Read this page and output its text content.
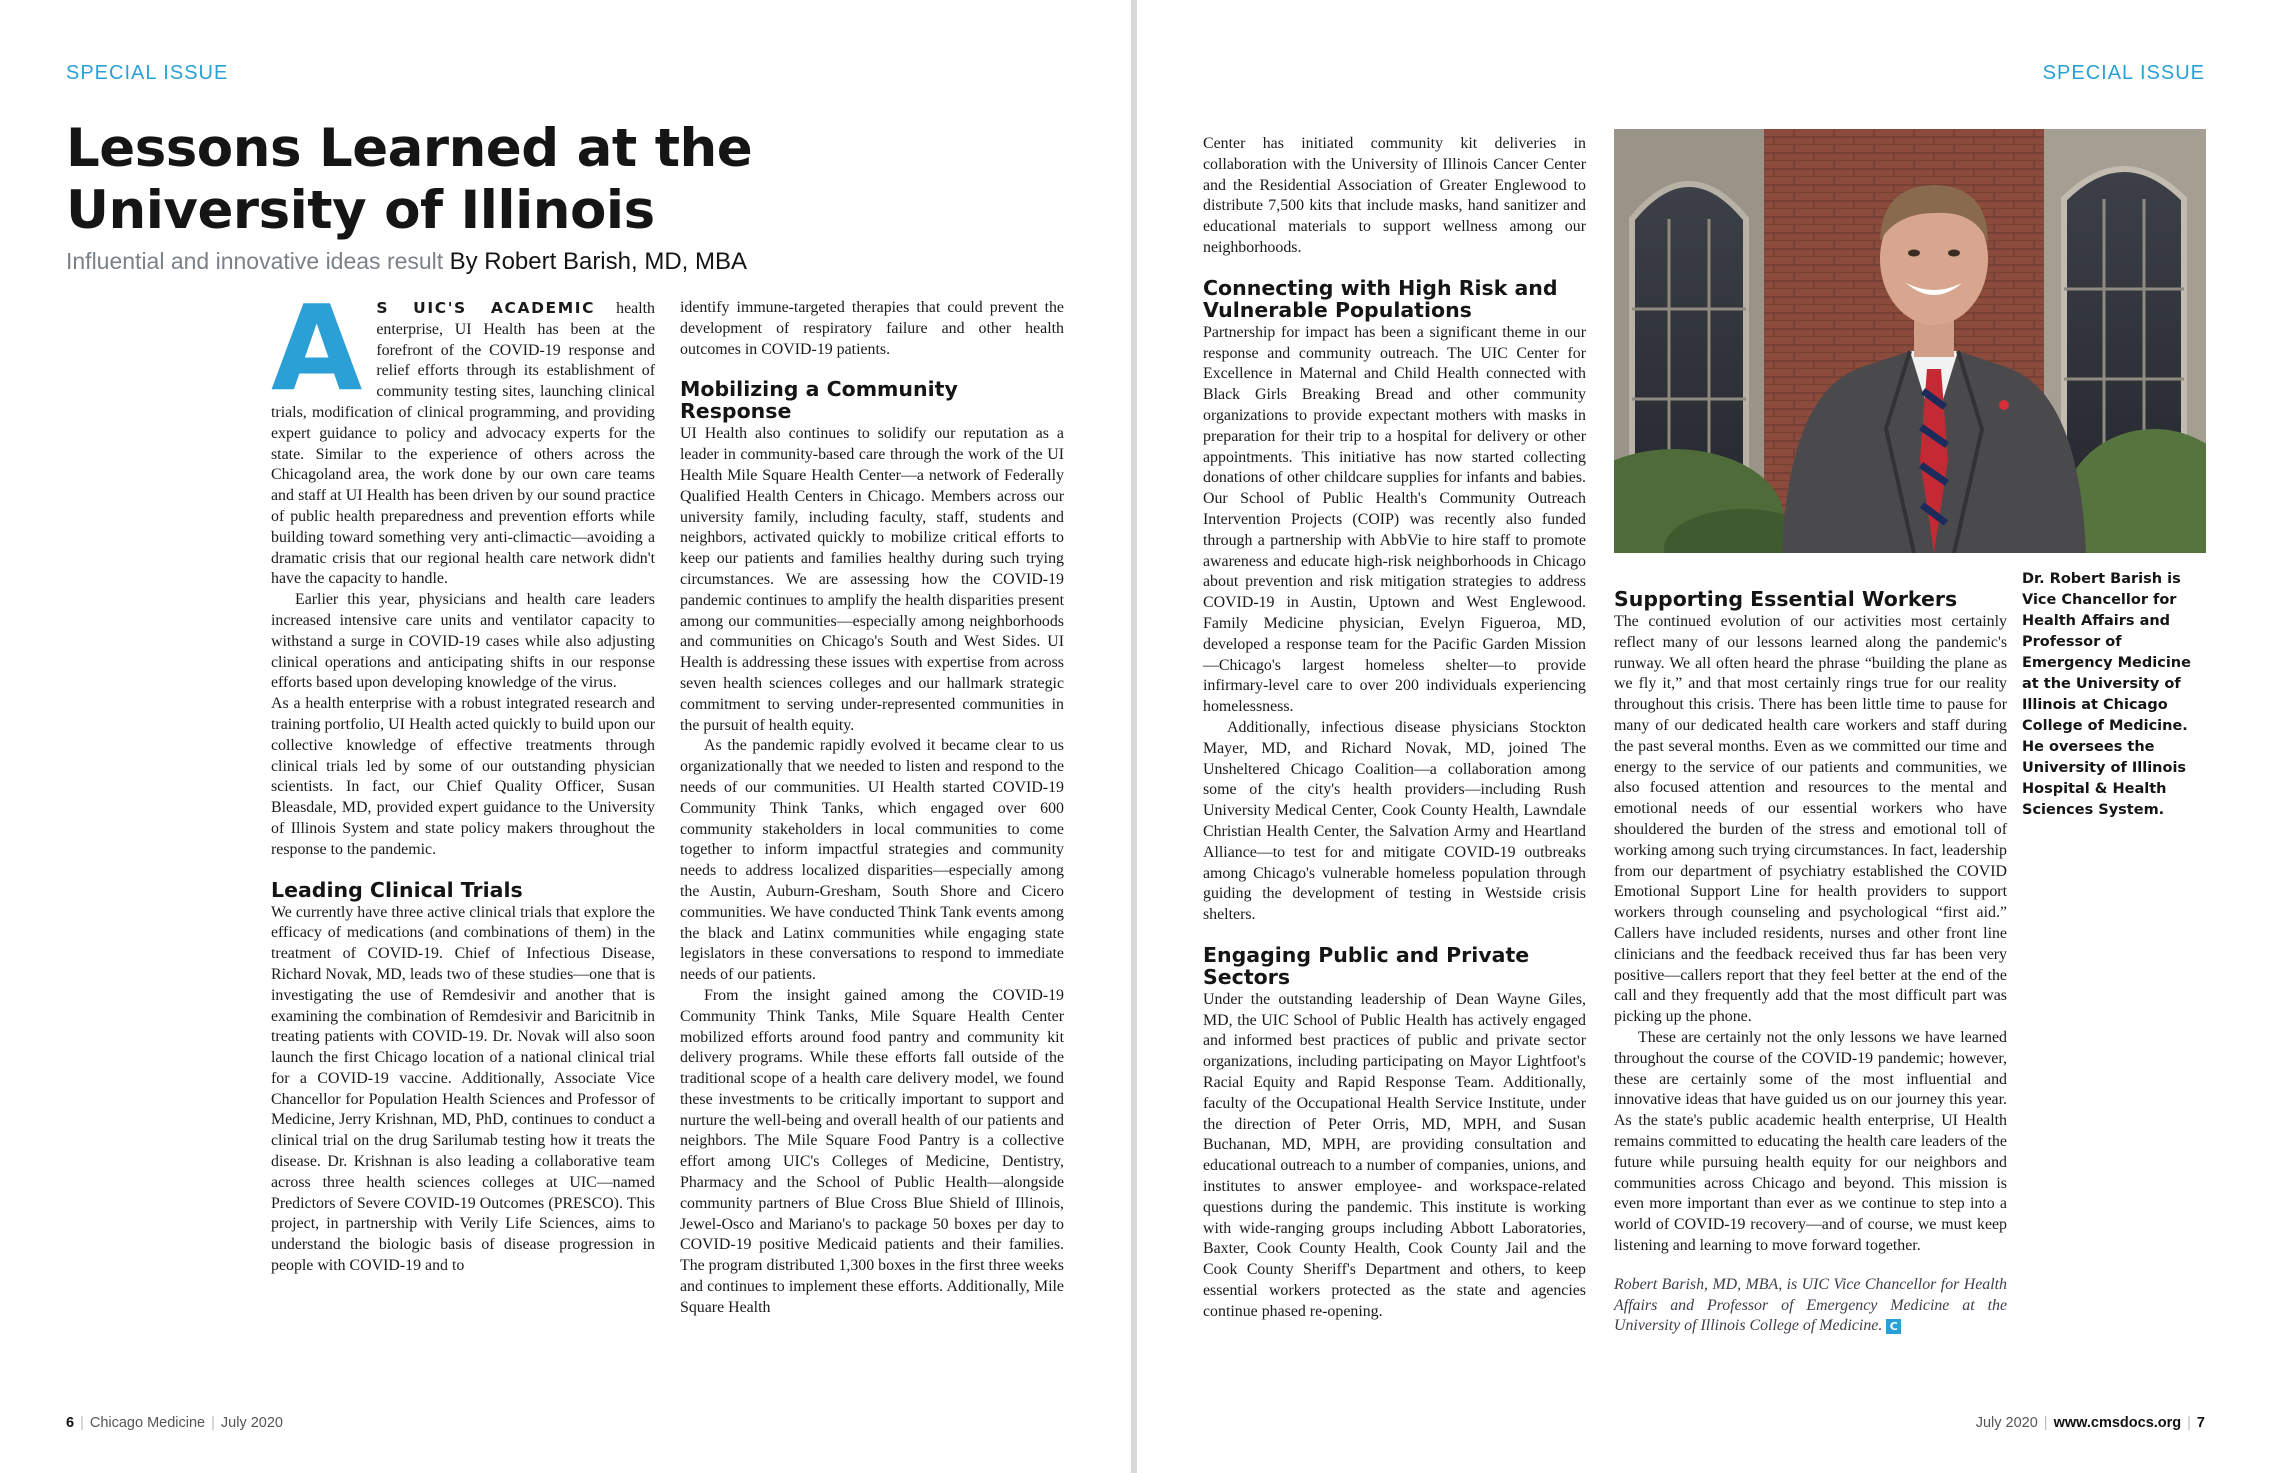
SPECIAL ISSUE
Lessons Learned at the University of Illinois
Influential and innovative ideas result By Robert Barish, MD, MBA
A S UIC'S ACADEMIC health enterprise, UI Health has been at the forefront of the COVID-19 response and relief efforts through its establishment of community testing sites, launching clinical trials, modification of clinical programming, and providing expert guidance to policy and advocacy experts for the state. Similar to the experience of others across the Chicagoland area, the work done by our own care teams and staff at UI Health has been driven by our sound practice of public health preparedness and prevention efforts while building toward something very anti-climactic—avoiding a dramatic crisis that our regional health care network didn't have the capacity to handle.

Earlier this year, physicians and health care leaders increased intensive care units and ventilator capacity to withstand a surge in COVID-19 cases while also adjusting clinical operations and anticipating shifts in our response efforts based upon developing knowledge of the virus.

As a health enterprise with a robust integrated research and training portfolio, UI Health acted quickly to build upon our collective knowledge of effective treatments through clinical trials led by some of our outstanding physician scientists. In fact, our Chief Quality Officer, Susan Bleasdale, MD, provided expert guidance to the University of Illinois System and state policy makers throughout the response to the pandemic.

Leading Clinical Trials

We currently have three active clinical trials that explore the efficacy of medications (and combinations of them) in the treatment of COVID-19. Chief of Infectious Disease, Richard Novak, MD, leads two of these studies—one that is investigating the use of Remdesivir and another that is examining the combination of Remdesivir and Baricitnib in treating patients with COVID-19. Dr. Novak will also soon launch the first Chicago location of a national clinical trial for a COVID-19 vaccine. Additionally, Associate Vice Chancellor for Population Health Sciences and Professor of Medicine, Jerry Krishnan, MD, PhD, continues to conduct a clinical trial on the drug Sarilumab testing how it treats the disease. Dr. Krishnan is also leading a collaborative team across three health sciences colleges at UIC—named Predictors of Severe COVID-19 Outcomes (PRESCO). This project, in partnership with Verily Life Sciences, aims to understand the biologic basis of disease progression in people with COVID-19 and to

identify immune-targeted therapies that could prevent the development of respiratory failure and other health outcomes in COVID-19 patients.

Mobilizing a Community Response

UI Health also continues to solidify our reputation as a leader in community-based care through the work of the UI Health Mile Square Health Center—a network of Federally Qualified Health Centers in Chicago. Members across our university family, including faculty, staff, students and neighbors, activated quickly to mobilize critical efforts to keep our patients and families healthy during such trying circumstances. We are assessing how the COVID-19 pandemic continues to amplify the health disparities present among our communities—especially among neighborhoods and communities on Chicago's South and West Sides. UI Health is addressing these issues with expertise from across seven health sciences colleges and our hallmark strategic commitment to serving under-represented communities in the pursuit of health equity.

As the pandemic rapidly evolved it became clear to us organizationally that we needed to listen and respond to the needs of our communities. UI Health started COVID-19 Community Think Tanks, which engaged over 600 community stakeholders in local communities to come together to inform impactful strategies and community needs to address localized disparities—especially among the Austin, Auburn-Gresham, South Shore and Cicero communities. We have conducted Think Tank events among the black and Latinx communities while engaging state legislators in these conversations to respond to immediate needs of our patients.

From the insight gained among the COVID-19 Community Think Tanks, Mile Square Health Center mobilized efforts around food pantry and community kit delivery programs. While these efforts fall outside of the traditional scope of a health care delivery model, we found these investments to be critically important to support and nurture the well-being and overall health of our patients and neighbors. The Mile Square Food Pantry is a collective effort among UIC's Colleges of Medicine, Dentistry, Pharmacy and the School of Public Health—alongside community partners of Blue Cross Blue Shield of Illinois, Jewel-Osco and Mariano's to package 50 boxes per day to COVID-19 positive Medicaid patients and their families. The program distributed 1,300 boxes in the first three weeks and continues to implement these efforts. Additionally, Mile Square Health

6 | Chicago Medicine | July 2020
SPECIAL ISSUE

Center has initiated community kit deliveries in collaboration with the University of Illinois Cancer Center and the Residential Association of Greater Englewood to distribute 7,500 kits that include masks, hand sanitizer and educational materials to support wellness among our neighborhoods.

Connecting with High Risk and Vulnerable Populations

Partnership for impact has been a significant theme in our response and community outreach. The UIC Center for Excellence in Maternal and Child Health connected with Black Girls Breaking Bread and other community organizations to provide expectant mothers with masks in preparation for their trip to a hospital for delivery or other appointments. This initiative has now started collecting donations of other childcare supplies for infants and babies. Our School of Public Health's Community Outreach Intervention Projects (COIP) was recently also funded through a partnership with AbbVie to hire staff to promote awareness and educate high-risk neighborhoods in Chicago about prevention and risk mitigation strategies to address COVID-19 in Austin, Uptown and West Englewood. Family Medicine physician, Evelyn Figueroa, MD, developed a response team for the Pacific Garden Mission—Chicago's largest homeless shelter—to provide infirmary-level care to over 200 individuals experiencing homelessness.

Additionally, infectious disease physicians Stockton Mayer, MD, and Richard Novak, MD, joined The Unsheltered Chicago Coalition—a collaboration among some of the city's health providers—including Rush University Medical Center, Cook County Health, Lawndale Christian Health Center, the Salvation Army and Heartland Alliance—to test for and mitigate COVID-19 outbreaks among Chicago's vulnerable homeless population through guiding the development of testing in Westside crisis shelters.

Engaging Public and Private Sectors

Under the outstanding leadership of Dean Wayne Giles, MD, the UIC School of Public Health has actively engaged and informed best practices of public and private sector organizations, including participating on Mayor Lightfoot's Racial Equity and Rapid Response Team. Additionally, faculty of the Occupational Health Service Institute, under the direction of Peter Orris, MD, MPH, and Susan Buchanan, MD, MPH, are providing consultation and educational outreach to a number of companies, unions, and institutes to answer employee- and workspace-related questions during the pandemic. This institute is working with wide-ranging groups including Abbott Laboratories, Baxter, Cook County Health, Cook County Jail and the Cook County Sheriff's Department and others, to keep essential workers protected as the state and agencies continue phased re-opening.

Dr. Robert Barish is Vice Chancellor for Health Affairs and Professor of Emergency Medicine at the University of Illinois at Chicago College of Medicine. He oversees the University of Illinois Hospital & Health Sciences System.
Supporting Essential Workers

The continued evolution of our activities most certainly reflect many of our lessons learned along the pandemic's runway. We all often heard the phrase “building the plane as we fly it,” and that most certainly rings true for our reality throughout this crisis. There has been little time to pause for many of our dedicated health care workers and staff during the past several months. Even as we committed our time and energy to the service of our patients and communities, we also focused attention and resources to the mental and emotional needs of our essential workers who have shouldered the burden of the stress and emotional toll of working among such trying circumstances. In fact, leadership from our department of psychiatry established the COVID Emotional Support Line for health providers to support workers through counseling and psychological “first aid.” Callers have included residents, nurses and other front line clinicians and the feedback received thus far has been very positive—callers report that they feel better at the end of the call and they frequently add that the most difficult part was picking up the phone.

These are certainly not the only lessons we have learned throughout the course of the COVID-19 pandemic; however, these are certainly some of the most influential and innovative ideas that have guided us on our journey this year. As the state's public academic health enterprise, UI Health remains committed to educating the health care leaders of the future while pursuing health equity for our neighbors and communities across Chicago and beyond. This mission is even more important than ever as we continue to step into a world of COVID-19 recovery—and of course, we must keep listening and learning to move forward together.

Robert Barish, MD, MBA, is UIC Vice Chancellor for Health Affairs and Professor of Emergency Medicine at the University of Illinois College of Medicine. C

July 2020 | www.cmsdocs.org | 7
